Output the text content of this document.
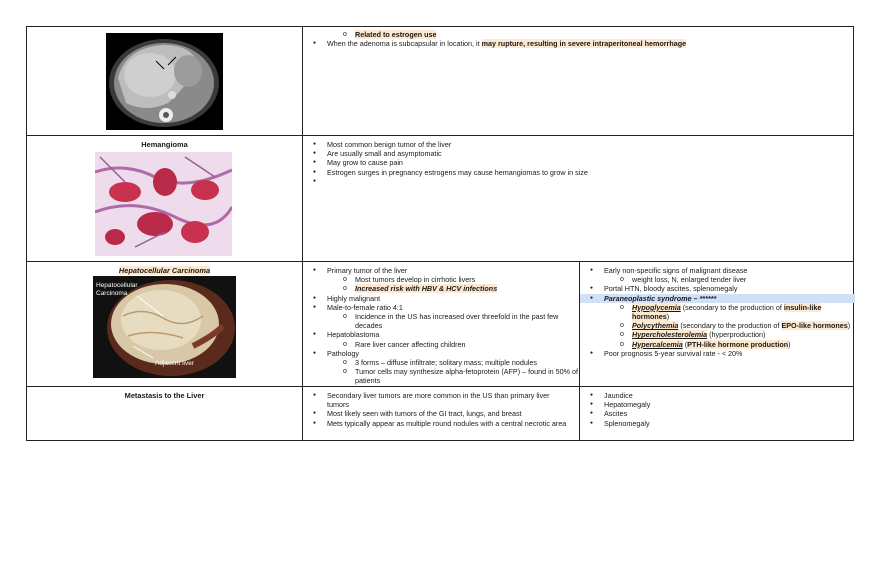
o Related to estrogen use
● When the adenoma is subcapsular in location, it may rupture, resulting in severe intraperitoneal hemorrhage
Hemangioma	● Most common benign tumor of the liver
● Are usually small and asymptomatic
● May grow to cause pain
● Estrogen surges in pregnancy estrogens may cause hemangiomas to grow in size
Hepatocellular Carcinoma
Hepatocellular
Carcinoma
Adjacent liver
● Primary tumor of the liver
o Most tumors develop in cirrhotic livers
o Increased risk with HBV & HCV infections
● Highly malignant
● Male-to-female ratio 4:1
o Incidence in the US has increased over threefold in the past few decades
● Hepatoblastoma
o Rare liver cancer affecting children
● Pathology
o 3 forms – diffuse infiltrate; solitary mass; multiple nodules
o Tumor cells may synthesize alpha-fetoprotein (AFP) – found in 50% of patients
● Early non-specific signs of malignant disease
o weight loss, N, enlarged tender liver
● Portal HTN, bloody ascites, splenomegaly
● Paraneoplastic syndrome – ******
o Hypoglycemia (secondary to the production of insulin-like hormones)
o Polycythemia (secondary to the production of EPO-like hormones)
o Hypercholesterolemia (hyperproduction)
o Hypercalcemia (PTH-like hormone production)
● Poor prognosis 5-year survival rate - < 20%
Metastasis to the Liver	● Secondary liver tumors are more common in the US than primary liver tumors
● Most likely seen with tumors of the GI tract, lungs, and breast
● Mets typically appear as multiple round nodules with a central necrotic area
● Jaundice
● Hepatomegaly
● Ascites
● Splenomegaly
